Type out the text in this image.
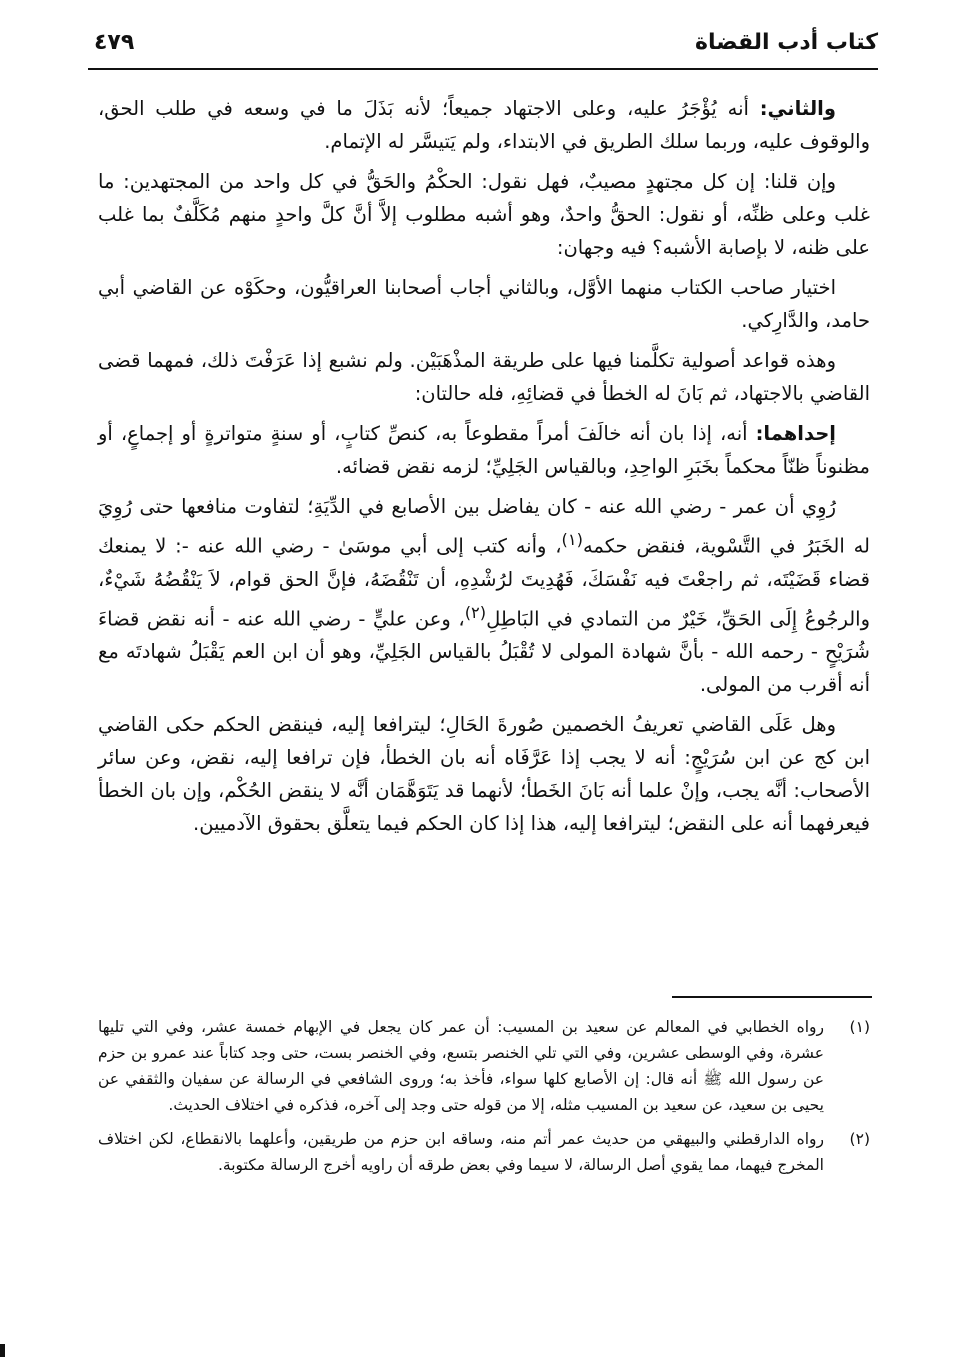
كتاب أدب القضاة
٤٧٩

والثاني: أنه يُؤْجَرُ عليه، وعلى الاجتهاد جميعاً؛ لأنه بَذَلَ ما في وسعه في طلب الحق، والوقوف عليه، وربما سلك الطريق في الابتداء، ولم يَتيسَّر له الإتمام.

وإن قلنا: إن كل مجتهدٍ مصيبٌ، فهل نقول: الحكْمُ والحَقُّ في كل واحد من المجتهدين: ما غلب وعلى ظنِّه، أو نقول: الحقُّ واحدٌ، وهو أشبه مطلوب إلاَّ أنَّ كلَّ واحدٍ منهم مُكَلَّفٌ بما غلب على ظنه، لا بإصابة الأشبه؟ فيه وجهان:

اختيار صاحب الكتاب منهما الأوَّل، وبالثاني أجاب أصحابنا العراقيُّون، وحكَوْه عن القاضي أبي حامد، والدَّارِكي.

وهذه قواعد أصولية تكلَّمنا فيها على طريقة المذْهَبَيْن. ولم نشبع إذا عَرَفْتَ ذلك، فمهما قضى القاضي بالاجتهاد، ثم بَانَ له الخطأ في قضائِهِ، فله حالتان:

إحداهما: أنه، إذا بان أنه خالَفَ أمراً مقطوعاً به، كنصِّ كتابٍ، أو سنةٍ متواترةٍ أو إجماعٍ، أو مظنوناً ظنّاً محكماً بخَبَرِ الواحِدِ، وبالقياس الجَلِيِّ؛ لزمه نقض قضائه.

رُوِي أن عمر - رضي الله عنه - كان يفاضل بين الأصابع في الدِّيَةِ؛ لتفاوت منافعها حتى رُوِيَ له الخَبَرُ في التَّسْوية، فنقض حكمه$^{(١)}$، وأنه كتب إلى أبي موسَىٰ - رضي الله عنه -: لا يمنعك قضاء قَضَيْتَه، ثم راجعْتَ فيه نَفْسَكَ، فَهُدِيتَ لرُشْدِهِ، أن تَنْقُضَهُ، فإنَّ الحق قوام، لاَ يَنْقُضُهُ شَيْءٌ، والرجُوعُ إِلَى الحَقِّ، خَيْرٌ من التمادي في البَاطِلِ$^{(٢)}$، وعن عليٍّ - رضي الله عنه - أنه نقض قضاءَ شُرَيْحٍ - رحمه الله - بأنَّ شهادة المولى لا تُقْبَلُ بالقياس الجَلِيِّ، وهو أن ابن العم يَقْبَلُ شهادتَه مع أنه أقرب من المولى.

وهل عَلَى القاضي تعريفُ الخصمين صُورةَ الحَالِ؛ ليترافعا إليه، فينقض الحكم حكى القاضي ابن كج عن ابن سُرَيْجٍ: أنه لا يجب إذا عَرَّفَاه أنه بان الخطأ، فإن ترافعا إليه، نقض، وعن سائر الأصحاب: أنَّه يجب، وإنْ علما أنه بَانَ الخَطأ؛ لأنهما قد يَتَوَهَّمَان أنَّه لا ينقض الحُكْم، وإن بان الخطأ فيعرفهما أنه على النقض؛ ليترافعا إليه، هذا إذا كان الحكم فيما يتعلَّق بحقوق الآدميين.

(١)
رواه الخطابي في المعالم عن سعيد بن المسيب: أن عمر كان يجعل في الإبهام خمسة عشر، وفي التي تليها عشرة، وفي الوسطى عشرين، وفي التي تلي الخنصر بتسع، وفي الخنصر بست، حتى وجد كتاباً عند عمرو بن حزم عن رسول الله ﷺ أنه قال: إن الأصابع كلها سواء، فأخذ به؛ وروى الشافعي في الرسالة عن سفيان والثقفي عن يحيى بن سعيد، عن سعيد بن المسيب مثله، إلا من قوله حتى وجد إلى آخره، فذكره في اختلاف الحديث.
(٢)
رواه الدارقطني والبيهقي من حديث عمر أتم منه، وساقه ابن حزم من طريقين، وأعلهما بالانقطاع، لكن اختلاف المخرج فيهما، مما يقوي أصل الرسالة، لا سيما وفي بعض طرقه أن راويه أخرج الرسالة مكتوبة.
